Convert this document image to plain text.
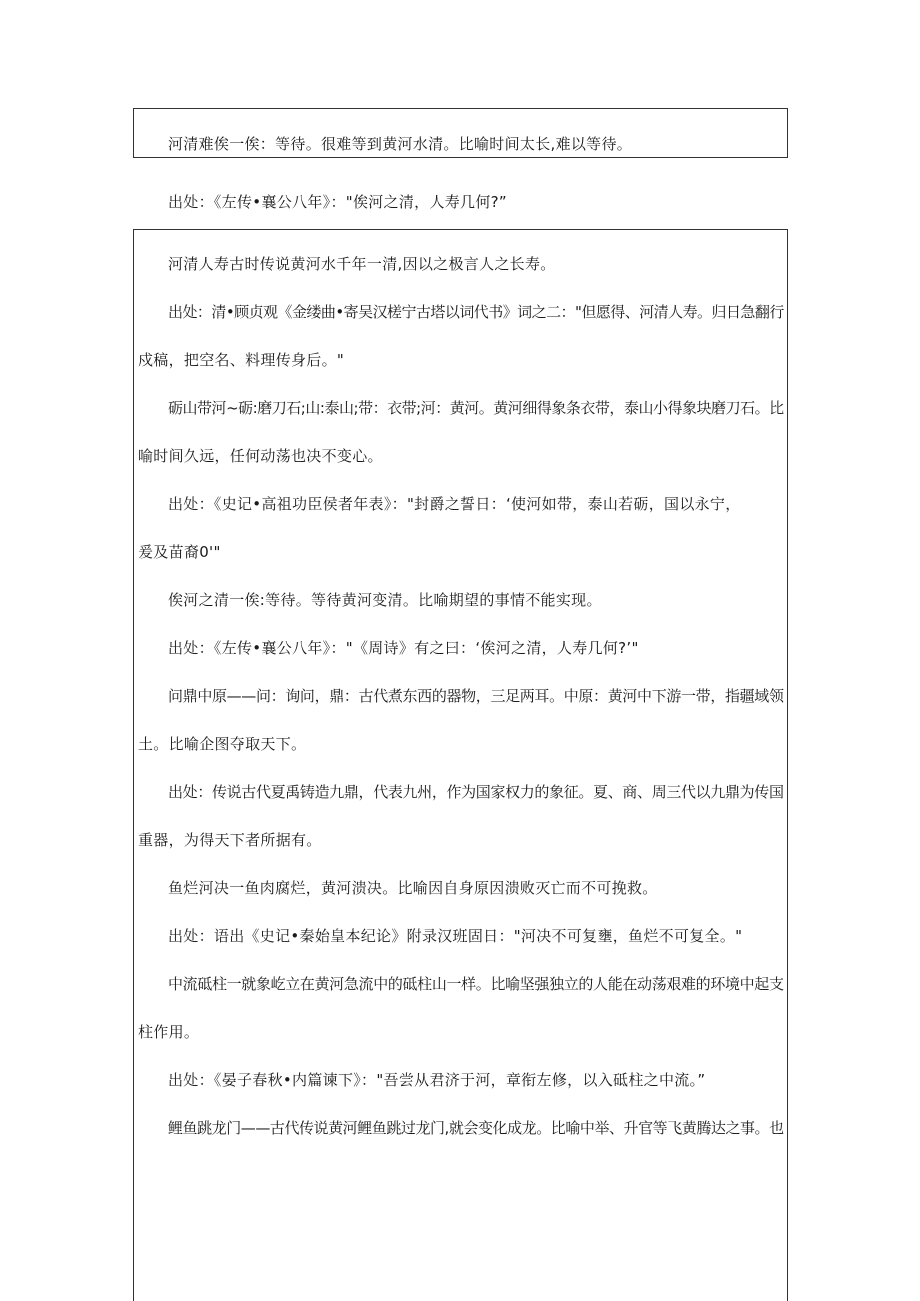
河清难俟一俟：等待。很难等到黄河水清。比喻时间太长,难以等待。
出处：《左传•襄公八年》："俟河之清，人寿几何?”
河清人寿古时传说黄河水千年一清,因以之极言人之长寿。
出处：清•顾贞观《金缕曲•寄吴汉槎宁古塔以词代书》词之二："但愿得、河清人寿。归日急翻行
戍稿，把空名、料理传身后。"
砺山带河~砺:磨刀石;山:泰山;带：衣带;河：黄河。黄河细得象条衣带，泰山小得象块磨刀石。比
喻时间久远，任何动荡也决不变心。
出处：《史记•高祖功臣侯者年表》："封爵之誓日：‘使河如带，泰山若砺，国以永宁，
爰及苗裔0'"
俟河之清一俟:等待。等待黄河变清。比喻期望的事情不能实现。
出处：《左传•襄公八年》："《周诗》有之曰：‘俟河之清，人寿几何?’"
问鼎中原——问：询问，鼎：古代煮东西的器物，三足两耳。中原：黄河中下游一带，指疆域领
土。比喻企图夺取天下。
出处：传说古代夏禹铸造九鼎，代表九州，作为国家权力的象征。夏、商、周三代以九鼎为传国
重器，为得天下者所据有。
鱼烂河决一鱼肉腐烂，黄河溃决。比喻因自身原因溃败灭亡而不可挽救。
出处：语出《史记•秦始皇本纪论》附录汉班固日："河决不可复壅，鱼烂不可复全。"
中流砥柱一就象屹立在黄河急流中的砥柱山一样。比喻坚强独立的人能在动荡艰难的环境中起支
柱作用。
出处：《晏子春秋•内篇谏下》："吾尝从君济于河，章衔左修，以入砥柱之中流。”
鲤鱼跳龙门——古代传说黄河鲤鱼跳过龙门,就会变化成龙。比喻中举、升官等飞黄腾达之事。也
